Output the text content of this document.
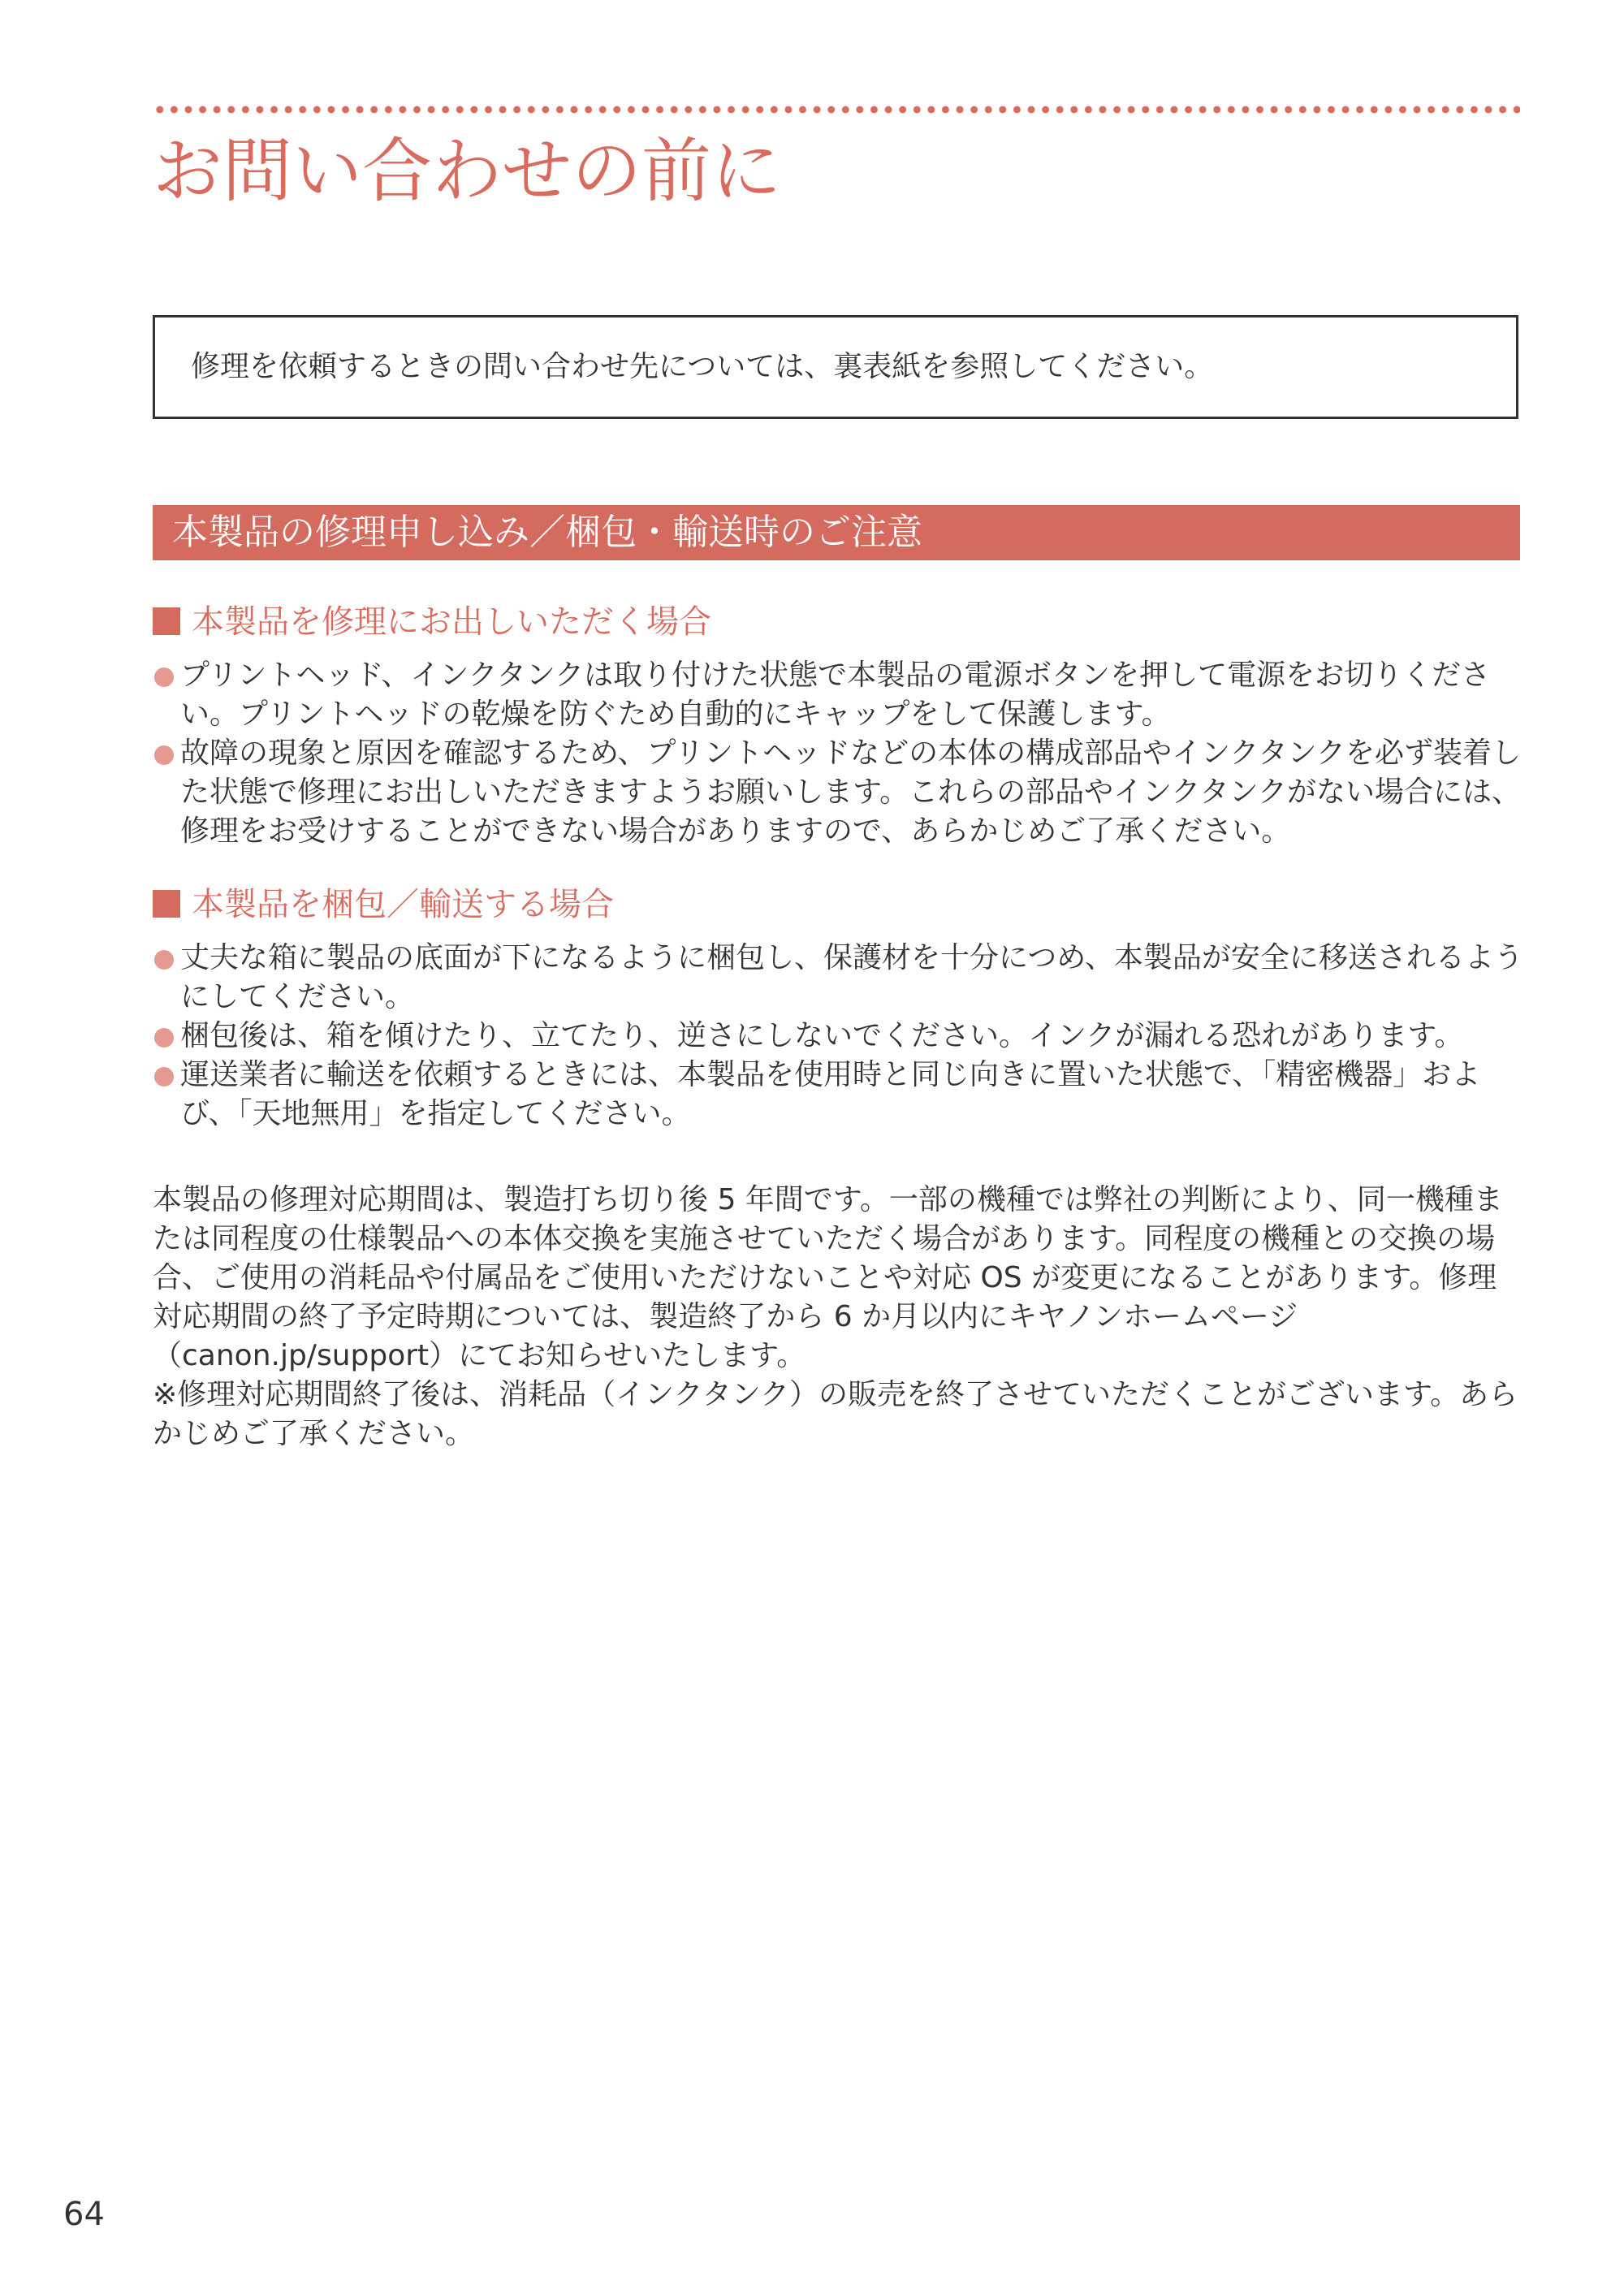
お問い合わせの前に
修理を依頼するときの問い合わせ先については、裏表紙を参照してください。
本製品の修理申し込み／梱包・輸送時のご注意
本製品を修理にお出しいただく場合
プリントヘッド、インクタンクは取り付けた状態で本製品の電源ボタンを押して電源をお切りください。プリントヘッドの乾燥を防ぐため自動的にキャップをして保護します。
故障の現象と原因を確認するため、プリントヘッドなどの本体の構成部品やインクタンクを必ず装着した状態で修理にお出しいただきますようお願いします。これらの部品やインクタンクがない場合には、修理をお受けすることができない場合がありますので、あらかじめご了承ください。
本製品を梱包／輸送する場合
丈夫な箱に製品の底面が下になるように梱包し、保護材を十分につめ、本製品が安全に移送されるようにしてください。
梱包後は、箱を傾けたり、立てたり、逆さにしないでください。インクが漏れる恐れがあります。
運送業者に輸送を依頼するときには、本製品を使用時と同じ向きに置いた状態で、「精密機器」および、「天地無用」を指定してください。

本製品の修理対応期間は、製造打ち切り後 5 年間です。一部の機種では弊社の判断により、同一機種または同程度の仕様製品への本体交換を実施させていただく場合があります。同程度の機種との交換の場合、ご使用の消耗品や付属品をご使用いただけないことや対応 OS が変更になることがあります。修理対応期間の終了予定時期については、製造終了から 6 か月以内にキヤノンホームページ（canon.jp/support）にてお知らせいたします。

※修理対応期間終了後は、消耗品（インクタンク）の販売を終了させていただくことがございます。あらかじめご了承ください。

64
